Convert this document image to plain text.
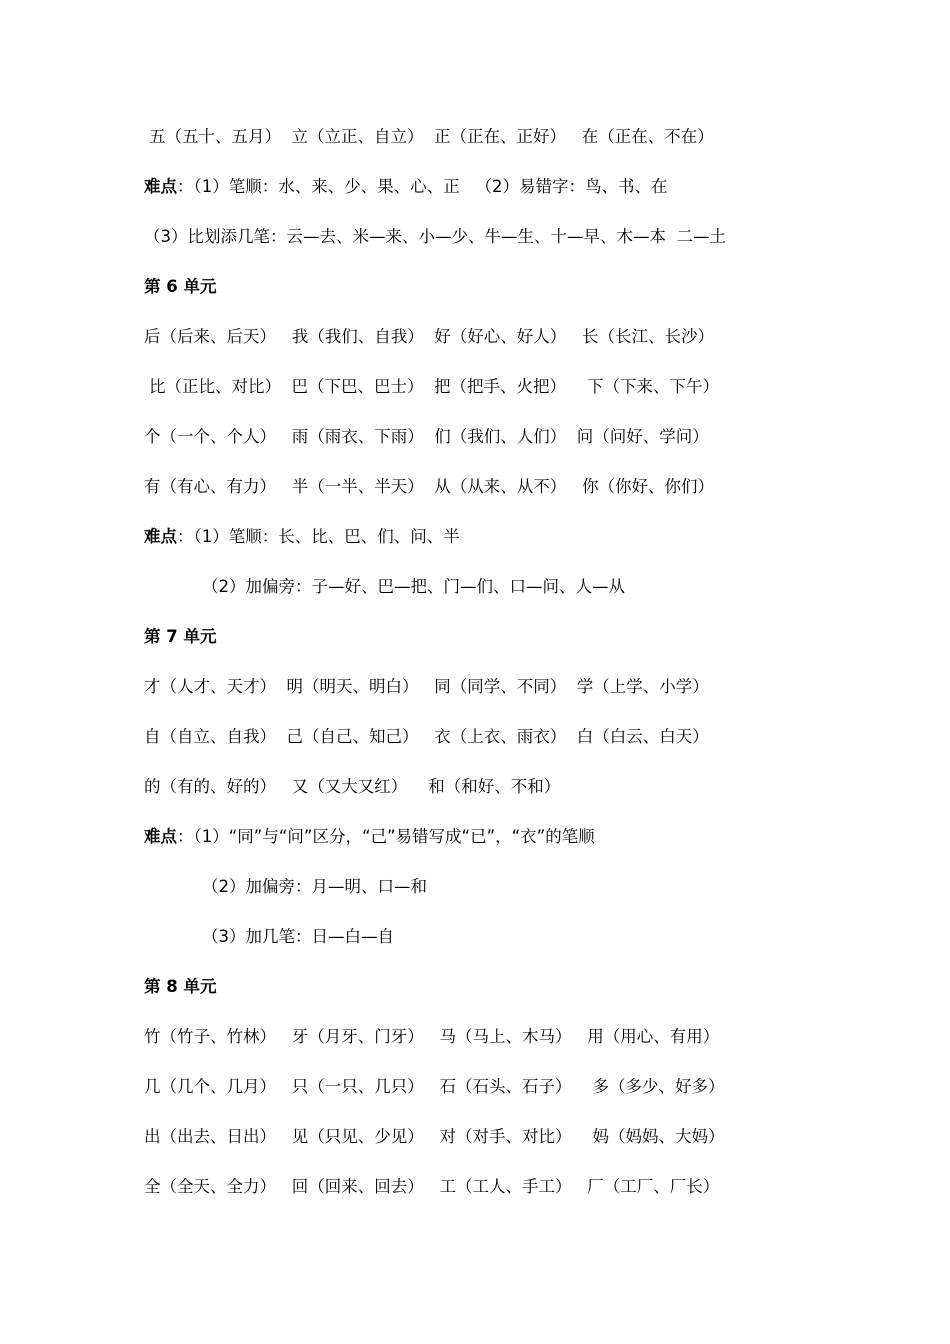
五（五十、五月）  立（立正、自立）  正（正在、正好）   在（正在、不在）
难点：（1）笔顺：水、来、少、果、心、正   （2）易错字：鸟、书、在
（3）比划添几笔：云—去、米—来、小—少、牛—生、十—早、木—本  二—土
第 6 单元
后（后来、后天）   我（我们、自我）  好（好心、好人）   长（长江、长沙）
比（正比、对比）  巴（下巴、巴士）  把（把手、火把）    下（下来、下午）
个（一个、个人）   雨（雨衣、下雨）  们（我们、人们）  问（问好、学问）
有（有心、有力）   半（一半、半天）  从（从来、从不）   你（你好、你们）
难点：（1）笔顺：长、比、巴、们、问、半
（2）加偏旁：子—好、巴—把、门—们、口—问、人—从
第 7 单元
才（人才、天才）  明（明天、明白）   同（同学、不同）  学（上学、小学）
自（自立、自我）  己（自己、知己）   衣（上衣、雨衣）  白（白云、白天）
的（有的、好的）   又（又大又红）    和（和好、不和）
难点：（1）“同”与“问”区分，“己”易错写成“已”，“衣”的笔顺
（2）加偏旁：月—明、口—和
（3）加几笔：日—白—自
第 8 单元
竹（竹子、竹林）   牙（月牙、门牙）   马（马上、木马）   用（用心、有用）
几（几个、几月）   只（一只、几只）   石（石头、石子）    多（多少、好多）
出（出去、日出）   见（只见、少见）   对（对手、对比）    妈（妈妈、大妈）
全（全天、全力）   回（回来、回去）   工（工人、手工）   厂（工厂、厂长）
